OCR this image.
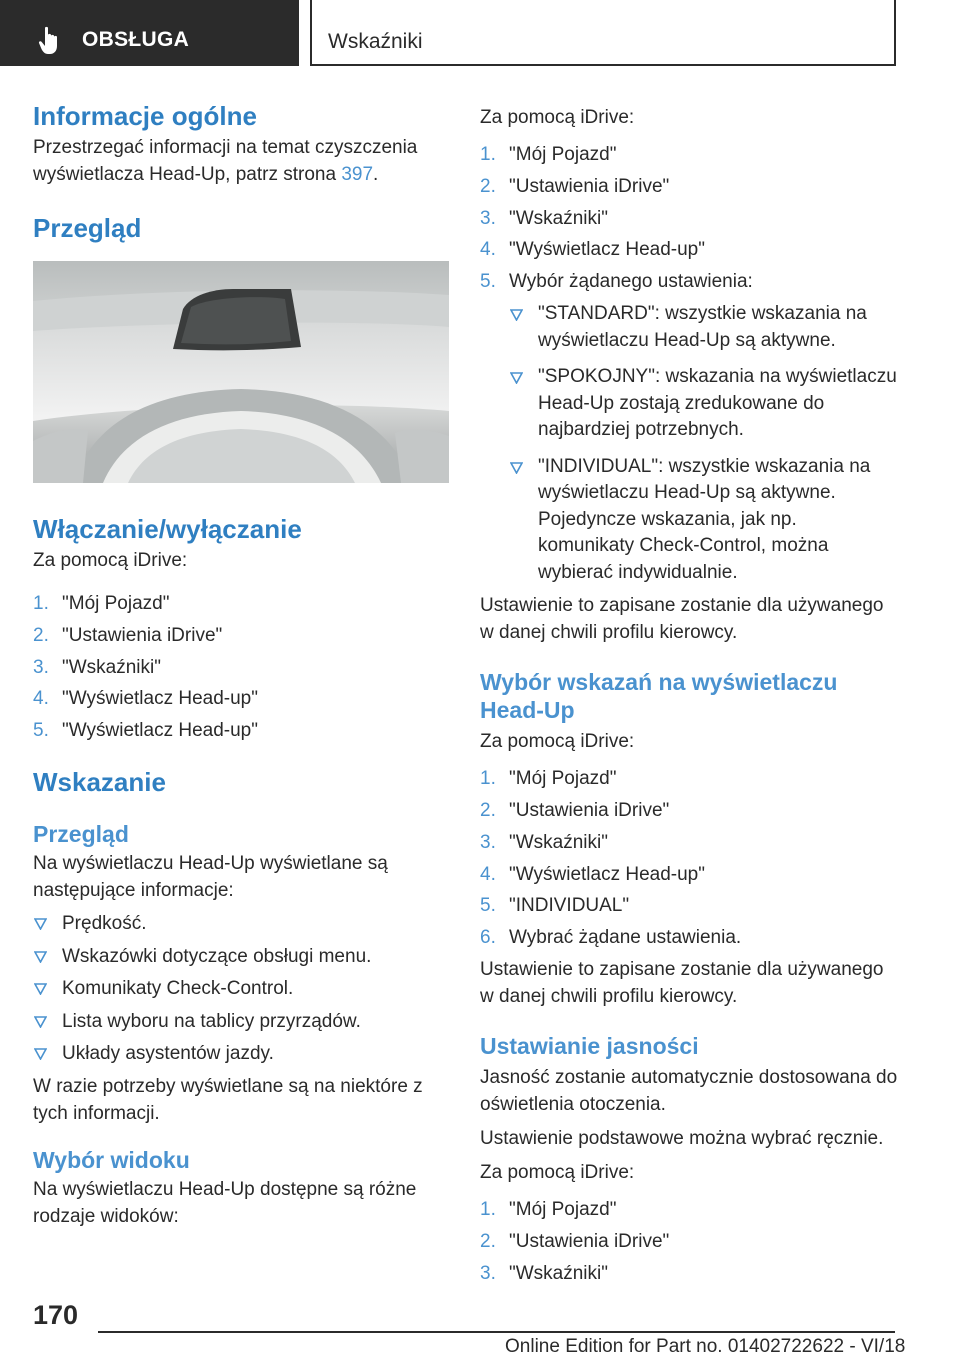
OBSŁUGA	Wskaźniki
Informacje ogólne
Przestrzegać informacji na temat czyszczenia wyświetlacza Head-Up, patrz strona 397.
Przegląd
Włączanie/wyłączanie
Za pomocą iDrive:
1. "Mój Pojazd"
2. "Ustawienia iDrive"
3. "Wskaźniki"
4. "Wyświetlacz Head-up"
5. "Wyświetlacz Head-up"
Wskazanie
Przegląd
Na wyświetlaczu Head-Up wyświetlane są następujące informacje:
Prędkość.
Wskazówki dotyczące obsługi menu.
Komunikaty Check-Control.
Lista wyboru na tablicy przyrządów.
Układy asystentów jazdy.
W razie potrzeby wyświetlane są na niektóre z tych informacji.
Wybór widoku
Na wyświetlaczu Head-Up dostępne są różne rodzaje widoków:
Za pomocą iDrive:
1. "Mój Pojazd"
2. "Ustawienia iDrive"
3. "Wskaźniki"
4. "Wyświetlacz Head-up"
5. Wybór żądanego ustawienia:
"STANDARD": wszystkie wskazania na wyświetlaczu Head-Up są aktywne.
"SPOKOJNY": wskazania na wyświetlaczu Head-Up zostają zredukowane do najbardziej potrzebnych.
"INDIVIDUAL": wszystkie wskazania na wyświetlaczu Head-Up są aktywne. Pojedyncze wskazania, jak np. komunikaty Check-Control, można wybierać indywidualnie.
Ustawienie to zapisane zostanie dla używanego w danej chwili profilu kierowcy.
Wybór wskazań na wyświetlaczu Head-Up
Za pomocą iDrive:
1. "Mój Pojazd"
2. "Ustawienia iDrive"
3. "Wskaźniki"
4. "Wyświetlacz Head-up"
5. "INDIVIDUAL"
6. Wybrać żądane ustawienia.
Ustawienie to zapisane zostanie dla używanego w danej chwili profilu kierowcy.
Ustawianie jasności
Jasność zostanie automatycznie dostosowana do oświetlenia otoczenia.
Ustawienie podstawowe można wybrać ręcznie.
Za pomocą iDrive:
1. "Mój Pojazd"
2. "Ustawienia iDrive"
3. "Wskaźniki"
170
Online Edition for Part no. 01402722622 - VI/18
